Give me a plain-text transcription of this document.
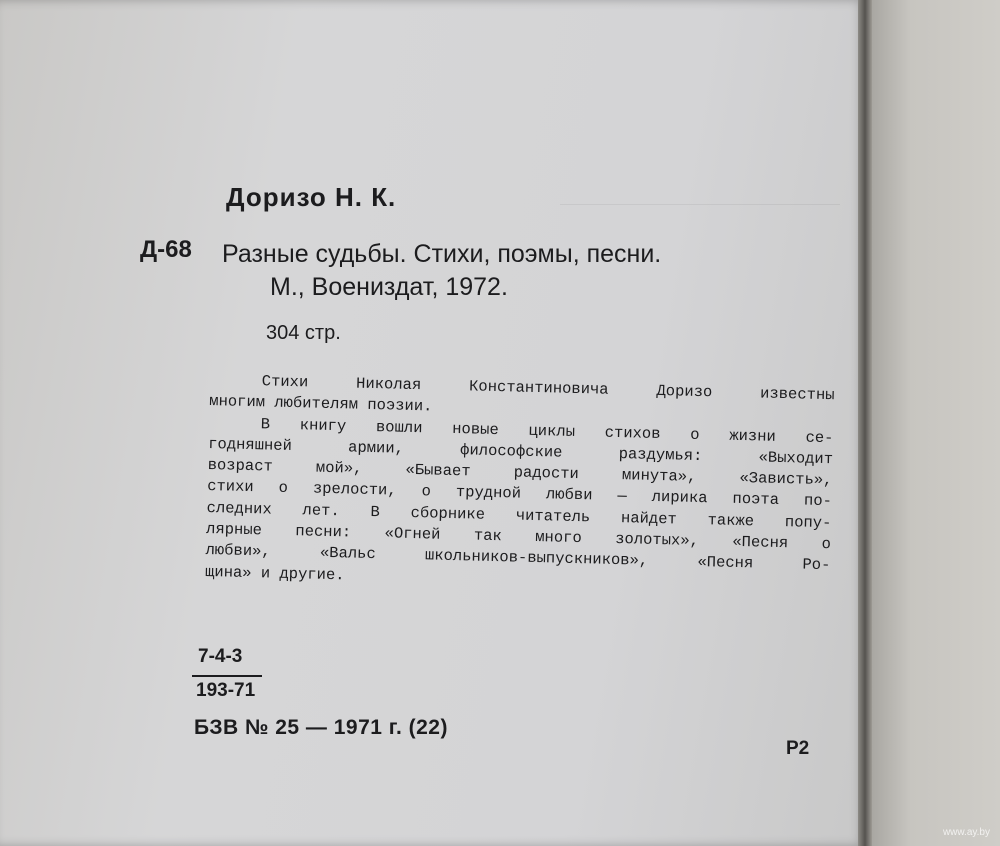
Доризо Н. К.
Д-68 Разные судьбы. Стихи, поэмы, песни.
М., Воениздат, 1972.
304 стр.
Стихи	Николая	Константиновича	Доризо	известны
многим любителям поэзии.
В книгу вошли новые циклы стихов о жизни се-
годняшней	армии,	философские	раздумья:	«Выходит
возраст	мой»,	«Бывает	радости	минута»,	«Зависть»,
стихи о зрелости, о трудной любви — лирика поэта по-
следних лет. В сборнике читатель найдет также попу-
лярные песни: «Огней так много золотых», «Песня о
любви»,	«Вальс	школьников-выпускников»,	«Песня	Ро-
щина» и другие.
7-4-3
193-71
БЗВ № 25 — 1971 г. (22)
Р2
www.ay.by
